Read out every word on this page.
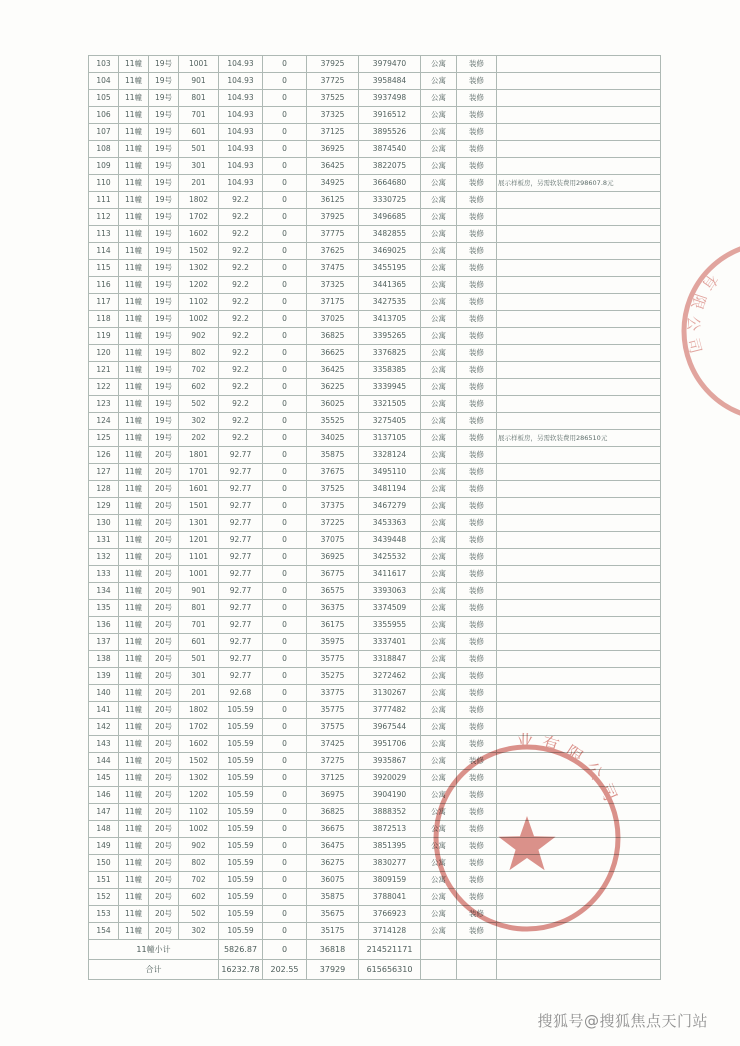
103	11幢	19号	1001	104.93	0	37925	3979470	公寓	装修	
104	11幢	19号	901	104.93	0	37725	3958484	公寓	装修	
105	11幢	19号	801	104.93	0	37525	3937498	公寓	装修	
106	11幢	19号	701	104.93	0	37325	3916512	公寓	装修	
107	11幢	19号	601	104.93	0	37125	3895526	公寓	装修	
108	11幢	19号	501	104.93	0	36925	3874540	公寓	装修	
109	11幢	19号	301	104.93	0	36425	3822075	公寓	装修	
110	11幢	19号	201	104.93	0	34925	3664680	公寓	装修	展示样板房，另需软装费用298607.8元
111	11幢	19号	1802	92.2	0	36125	3330725	公寓	装修	
112	11幢	19号	1702	92.2	0	37925	3496685	公寓	装修	
113	11幢	19号	1602	92.2	0	37775	3482855	公寓	装修	
114	11幢	19号	1502	92.2	0	37625	3469025	公寓	装修	
115	11幢	19号	1302	92.2	0	37475	3455195	公寓	装修	
116	11幢	19号	1202	92.2	0	37325	3441365	公寓	装修	
117	11幢	19号	1102	92.2	0	37175	3427535	公寓	装修	
118	11幢	19号	1002	92.2	0	37025	3413705	公寓	装修	
119	11幢	19号	902	92.2	0	36825	3395265	公寓	装修	
120	11幢	19号	802	92.2	0	36625	3376825	公寓	装修	
121	11幢	19号	702	92.2	0	36425	3358385	公寓	装修	
122	11幢	19号	602	92.2	0	36225	3339945	公寓	装修	
123	11幢	19号	502	92.2	0	36025	3321505	公寓	装修	
124	11幢	19号	302	92.2	0	35525	3275405	公寓	装修	
125	11幢	19号	202	92.2	0	34025	3137105	公寓	装修	展示样板房，另需软装费用286510元
126	11幢	20号	1801	92.77	0	35875	3328124	公寓	装修	
127	11幢	20号	1701	92.77	0	37675	3495110	公寓	装修	
128	11幢	20号	1601	92.77	0	37525	3481194	公寓	装修	
129	11幢	20号	1501	92.77	0	37375	3467279	公寓	装修	
130	11幢	20号	1301	92.77	0	37225	3453363	公寓	装修	
131	11幢	20号	1201	92.77	0	37075	3439448	公寓	装修	
132	11幢	20号	1101	92.77	0	36925	3425532	公寓	装修	
133	11幢	20号	1001	92.77	0	36775	3411617	公寓	装修	
134	11幢	20号	901	92.77	0	36575	3393063	公寓	装修	
135	11幢	20号	801	92.77	0	36375	3374509	公寓	装修	
136	11幢	20号	701	92.77	0	36175	3355955	公寓	装修	
137	11幢	20号	601	92.77	0	35975	3337401	公寓	装修	
138	11幢	20号	501	92.77	0	35775	3318847	公寓	装修	
139	11幢	20号	301	92.77	0	35275	3272462	公寓	装修	
140	11幢	20号	201	92.68	0	33775	3130267	公寓	装修	
141	11幢	20号	1802	105.59	0	35775	3777482	公寓	装修	
142	11幢	20号	1702	105.59	0	37575	3967544	公寓	装修	
143	11幢	20号	1602	105.59	0	37425	3951706	公寓	装修	
144	11幢	20号	1502	105.59	0	37275	3935867	公寓	装修	
145	11幢	20号	1302	105.59	0	37125	3920029	公寓	装修	
146	11幢	20号	1202	105.59	0	36975	3904190	公寓	装修	
147	11幢	20号	1102	105.59	0	36825	3888352	公寓	装修	
148	11幢	20号	1002	105.59	0	36675	3872513	公寓	装修	
149	11幢	20号	902	105.59	0	36475	3851395	公寓	装修	
150	11幢	20号	802	105.59	0	36275	3830277	公寓	装修	
151	11幢	20号	702	105.59	0	36075	3809159	公寓	装修	
152	11幢	20号	602	105.59	0	35875	3788041	公寓	装修	
153	11幢	20号	502	105.59	0	35675	3766923	公寓	装修	
154	11幢	20号	302	105.59	0	35175	3714128	公寓	装修	
11幢小计				5826.87	0	36818	214521171			
合计				16232.78	202.55	37929	615656310			
有限公司
业有限公司
搜狐号@搜狐焦点天门站
